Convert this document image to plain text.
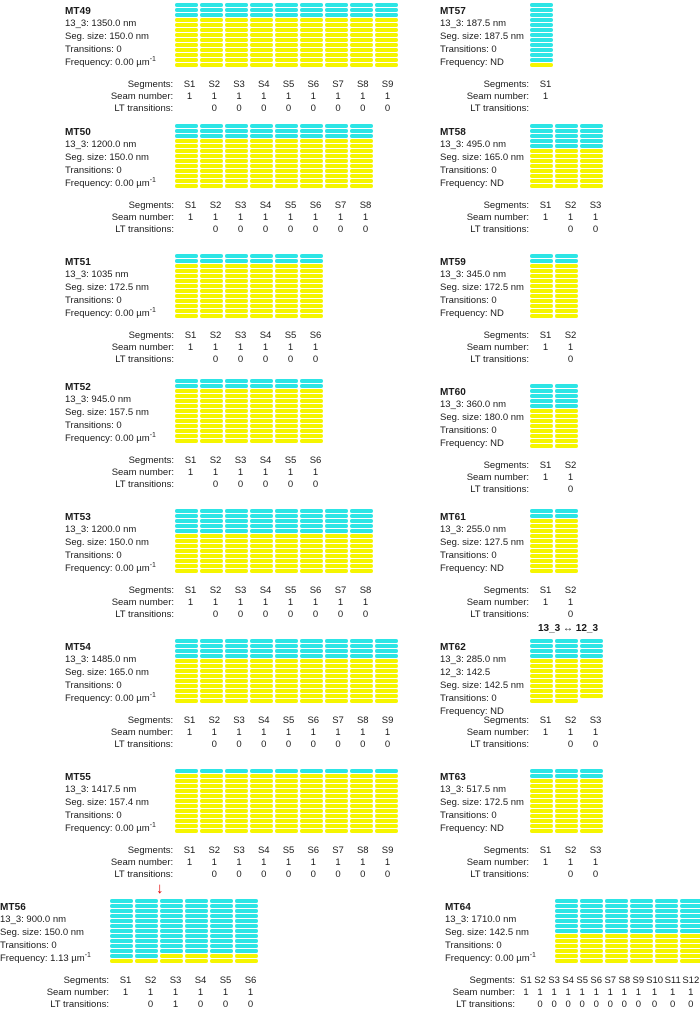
MT49
13_3: 1350.0 nm
Seg. size: 150.0 nm
Transitions: 0
Frequency: 0.00 µm$^{-1}$
Segments:	S1	S2	S3	S4	S5	S6	S7	S8	S9
Seam number:	1	1	1	1	1	1	1	1	1
LT transitions:		0	0	0	0	0	0	0	0
MT50
13_3: 1200.0 nm
Seg. size: 150.0 nm
Transitions: 0
Frequency: 0.00 µm$^{-1}$
Segments:	S1	S2	S3	S4	S5	S6	S7	S8
Seam number:	1	1	1	1	1	1	1	1
LT transitions:		0	0	0	0	0	0	0
MT51
13_3: 1035 nm
Seg. size: 172.5 nm
Transitions: 0
Frequency: 0.00 µm$^{-1}$
Segments:	S1	S2	S3	S4	S5	S6
Seam number:	1	1	1	1	1	1
LT transitions:		0	0	0	0	0
MT52
13_3: 945.0 nm
Seg. size: 157.5 nm
Transitions: 0
Frequency: 0.00 µm$^{-1}$
Segments:	S1	S2	S3	S4	S5	S6
Seam number:	1	1	1	1	1	1
LT transitions:		0	0	0	0	0
MT53
13_3: 1200.0 nm
Seg. size: 150.0 nm
Transitions: 0
Frequency: 0.00 µm$^{-1}$
Segments:	S1	S2	S3	S4	S5	S6	S7	S8
Seam number:	1	1	1	1	1	1	1	1
LT transitions:		0	0	0	0	0	0	0
MT54
13_3: 1485.0 nm
Seg. size: 165.0 nm
Transitions: 0
Frequency: 0.00 µm$^{-1}$
Segments:	S1	S2	S3	S4	S5	S6	S7	S8	S9
Seam number:	1	1	1	1	1	1	1	1	1
LT transitions:		0	0	0	0	0	0	0	0
MT55
13_3: 1417.5 nm
Seg. size: 157.4 nm
Transitions: 0
Frequency: 0.00 µm$^{-1}$
Segments:	S1	S2	S3	S4	S5	S6	S7	S8	S9
Seam number:	1	1	1	1	1	1	1	1	1
LT transitions:		0	0	0	0	0	0	0	0
↓
MT56
13_3: 900.0 nm
Seg. size: 150.0 nm
Transitions: 0
Frequency: 1.13 µm$^{-1}$
Segments:	S1	S2	S3	S4	S5	S6
Seam number:	1	1	1	1	1	1
LT transitions:		0	1	0	0	0
MT57
13_3: 187.5 nm
Seg. size: 187.5 nm
Transitions: 0
Frequency: ND
Segments:	S1
Seam number:	1
LT transitions:	
MT58
13_3: 495.0 nm
Seg. size: 165.0 nm
Transitions: 0
Frequency: ND
Segments:	S1	S2	S3
Seam number:	1	1	1
LT transitions:		0	0
MT59
13_3: 345.0 nm
Seg. size: 172.5 nm
Transitions: 0
Frequency: ND
Segments:	S1	S2
Seam number:	1	1
LT transitions:		0
MT60
13_3: 360.0 nm
Seg. size: 180.0 nm
Transitions: 0
Frequency: ND
Segments:	S1	S2
Seam number:	1	1
LT transitions:		0
MT61
13_3: 255.0 nm
Seg. size: 127.5 nm
Transitions: 0
Frequency: ND
Segments:	S1	S2
Seam number:	1	1
LT transitions:		0
13_3 ↔ 12_3
MT62
13_3: 285.0 nm
12_3: 142.5
Seg. size: 142.5 nm
Transitions: 0
Frequency: ND
Segments:	S1	S2	S3
Seam number:	1	1	1
LT transitions:		0	0
MT63
13_3: 517.5 nm
Seg. size: 172.5 nm
Transitions: 0
Frequency: ND
Segments:	S1	S2	S3
Seam number:	1	1	1
LT transitions:		0	0
MT64
13_3: 1710.0 nm
Seg. size: 142.5 nm
Transitions: 0
Frequency: 0.00 µm$^{-1}$
Segments:	S1	S2	S3	S4	S5	S6	S7	S8	S9	S10	S11	S12
Seam number:	1	1	1	1	1	1	1	1	1	1	1	1
LT transitions:		0	0	0	0	0	0	0	0	0	0	0
